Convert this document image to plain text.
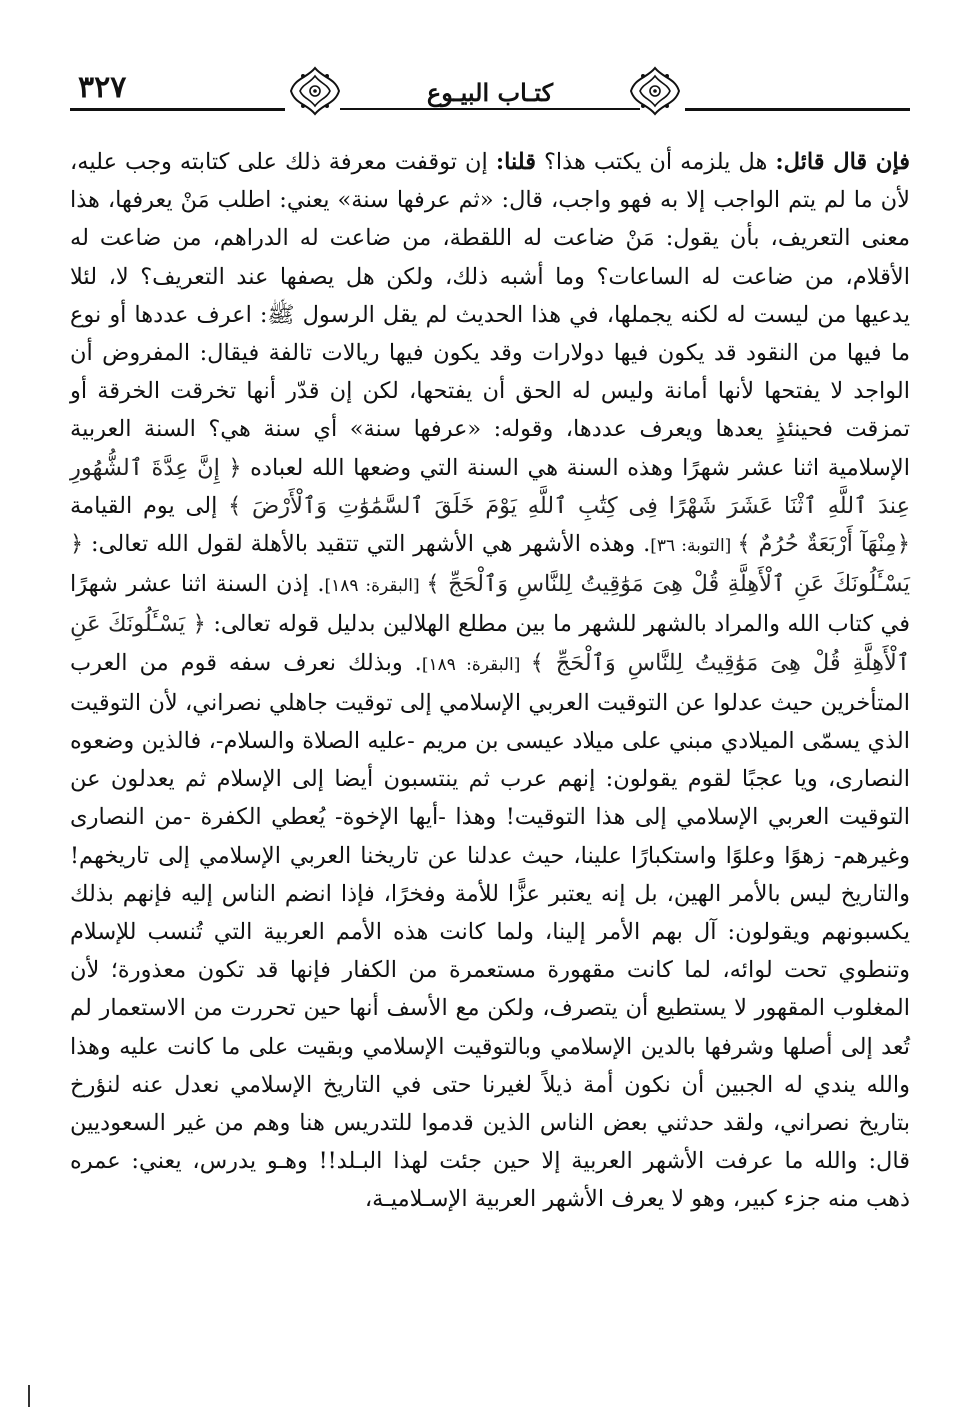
٣٢٧	كتـاب البيـوع

فإن قال قائل: هل يلزمه أن يكتب هذا؟ قلنا: إن توقفت معرفة ذلك على كتابته وجب عليه، لأن ما لم يتم الواجب إلا به فهو واجب، قال: «ثم عرفها سنة» يعني: اطلب مَنْ يعرفها، هذا معنى التعريف، بأن يقول: مَنْ ضاعت له اللقطة، من ضاعت له الدراهم، من ضاعت له الأقلام، من ضاعت له الساعات؟ وما أشبه ذلك، ولكن هل يصفها عند التعريف؟ لا، لئلا يدعيها من ليست له لكنه يجملها، في هذا الحديث لم يقل الرسول ﷺ: اعرف عددها أو نوع ما فيها من النقود قد يكون فيها دولارات وقد يكون فيها ريالات تالفة فيقال: المفروض أن الواجد لا يفتحها لأنها أمانة وليس له الحق أن يفتحها، لكن إن قدّر أنها تخرقت الخرقة أو تمزقت فحينئذٍ يعدها ويعرف عددها، وقوله: «عرفها سنة» أي سنة هي؟ السنة العربية الإسلامية اثنا عشر شهرًا وهذه السنة هي السنة التي وضعها الله لعباده ﴿ إِنَّ عِدَّةَ ٱلشُّهُورِ عِندَ ٱللَّهِ ٱثْنَا عَشَرَ شَهْرًا فِى كِتَٰبِ ٱللَّهِ يَوْمَ خَلَقَ ٱلسَّمَٰوَٰتِ وَٱلْأَرْضَ ﴾ إلى يوم القيامة ﴿مِنْهَآ أَرْبَعَةٌ حُرُمٌ ﴾ [التوبة: ٣٦]. وهذه الأشهر هي الأشهر التي تتقيد بالأهلة لقول الله تعالى: ﴿ يَسْـَٔلُونَكَ عَنِ ٱلْأَهِلَّةِ قُلْ هِىَ مَوَٰقِيتُ لِلنَّاسِ وَٱلْحَجِّ ﴾ [البقرة: ١٨٩]. إذن السنة اثنا عشر شهرًا في كتاب الله والمراد بالشهر للشهر ما بين مطلع الهلالين بدليل قوله تعالى: ﴿ يَسْـَٔلُونَكَ عَنِ ٱلْأَهِلَّةِ قُلْ هِىَ مَوَٰقِيتُ لِلنَّاسِ وَٱلْحَجِّ ﴾ [البقرة: ١٨٩]. وبذلك نعرف سفه قوم من العرب المتأخرين حيث عدلوا عن التوقيت العربي الإسلامي إلى توقيت جاهلي نصراني، لأن التوقيت الذي يسمّى الميلادي مبني على ميلاد عيسى بن مريم -عليه الصلاة والسلام-، فالذين وضعوه النصارى، ويا عجبًا لقوم يقولون: إنهم عرب ثم ينتسبون أيضا إلى الإسلام ثم يعدلون عن التوقيت العربي الإسلامي إلى هذا التوقيت! وهذا -أيها الإخوة- يُعطي الكفرة -من النصارى وغيرهم- زهوًا وعلوًا واستكبارًا علينا، حيث عدلنا عن تاريخنا العربي الإسلامي إلى تاريخهم! والتاريخ ليس بالأمر الهين، بل إنه يعتبر عزًّا للأمة وفخرًا، فإذا انضم الناس إليه فإنهم بذلك يكسبونهم ويقولون: آل بهم الأمر إلينا، ولما كانت هذه الأمم العربية التي تُنسب للإسلام وتنطوي تحت لوائه، لما كانت مقهورة مستعمرة من الكفار فإنها قد تكون معذورة؛ لأن المغلوب المقهور لا يستطيع أن يتصرف، ولكن مع الأسف أنها حين تحررت من الاستعمار لم تُعد إلى أصلها وشرفها بالدين الإسلامي وبالتوقيت الإسلامي وبقيت على ما كانت عليه وهذا والله يندي له الجبين أن نكون أمة ذيلاً لغيرنا حتى في التاريخ الإسلامي نعدل عنه لنؤرخ بتاريخ نصراني، ولقد حدثني بعض الناس الذين قدموا للتدريس هنا وهم من غير السعوديين قال: والله ما عرفت الأشهر العربية إلا حين جئت لهذا البـلد!! وهـو يدرس، يعني: عمره ذهب منه جزء كبير، وهو لا يعرف الأشهر العربية الإسـلاميـة،
